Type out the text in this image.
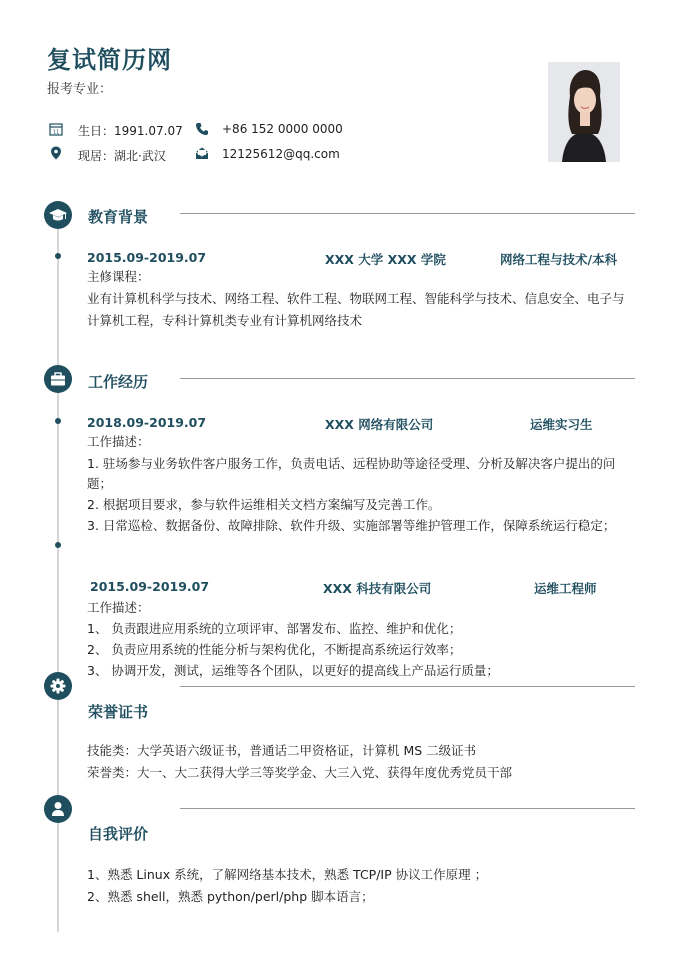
复试简历网
报考专业：
11 生日：1991.07.07	+86 152 0000 0000
现居：湖北·武汉	12125612@qq.com
教育背景
2015.09-2019.07	XXX 大学 XXX 学院	网络工程与技术/本科
主修课程：
业有计算机科学与技术、网络工程、软件工程、物联网工程、智能科学与技术、信息安全、电子与
计算机工程，专科计算机类专业有计算机网络技术
工作经历
2018.09-2019.07	XXX 网络有限公司	运维实习生
工作描述：
1. 驻场参与业务软件客户服务工作，负责电话、远程协助等途径受理、分析及解决客户提出的问
题；
2. 根据项目要求，参与软件运维相关文档方案编写及完善工作。
3. 日常巡检、数据备份、故障排除、软件升级、实施部署等维护管理工作，保障系统运行稳定；
2015.09-2019.07	XXX 科技有限公司	运维工程师
工作描述：
1、 负责跟进应用系统的立项评审、部署发布、监控、维护和优化；
2、 负责应用系统的性能分析与架构优化，不断提高系统运行效率；
3、 协调开发，测试，运维等各个团队，以更好的提高线上产品运行质量；
荣誉证书
技能类：大学英语六级证书，普通话二甲资格证，计算机 MS 二级证书
荣誉类：大一、大二获得大学三等奖学金、大三入党、获得年度优秀党员干部
自我评价
1、熟悉 Linux 系统，了解网络基本技术，熟悉 TCP/IP 协议工作原理 ；
2、熟悉 shell，熟悉 python/perl/php 脚本语言；
